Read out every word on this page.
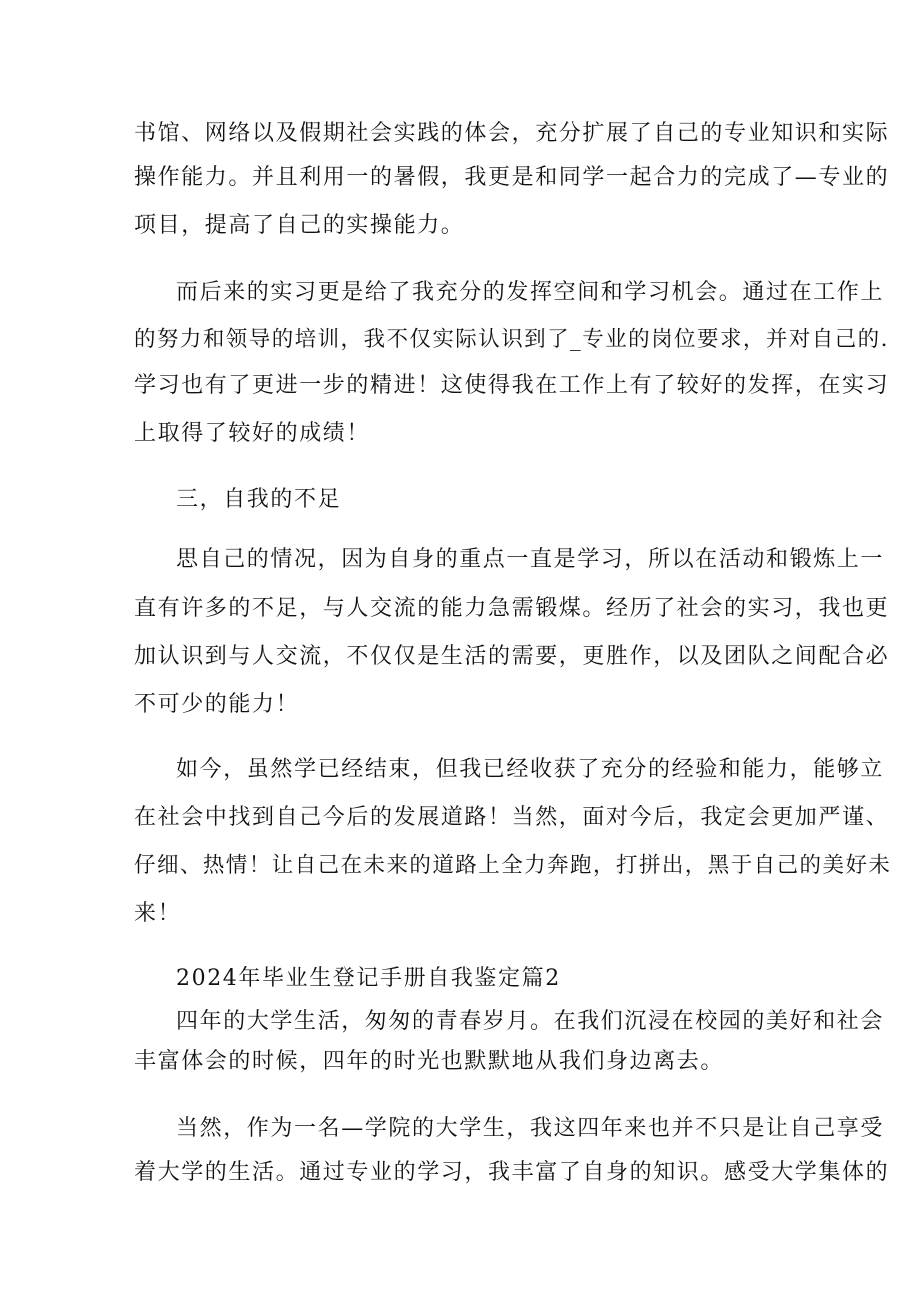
书馆、网络以及假期社会实践的体会，充分扩展了自己的专业知识和实际
操作能力。并且利用一的暑假，我更是和同学一起合力的完成了—专业的
项目，提高了自己的实操能力。
而后来的实习更是给了我充分的发挥空间和学习机会。通过在工作上
的努力和领导的培训，我不仅实际认识到了_专业的岗位要求，并对自己的.
学习也有了更进一步的精进！这使得我在工作上有了较好的发挥，在实习
上取得了较好的成绩！
三，自我的不足
思自己的情况，因为自身的重点一直是学习，所以在活动和锻炼上一
直有许多的不足，与人交流的能力急需锻煤。经历了社会的实习，我也更
加认识到与人交流，不仅仅是生活的需要，更胜作，以及团队之间配合必
不可少的能力！
如今，虽然学已经结束，但我已经收获了充分的经验和能力，能够立
在社会中找到自己今后的发展道路！当然，面对今后，我定会更加严谨、
仔细、热情！让自己在未来的道路上全力奔跑，打拼出，黑于自己的美好未
来！
2024年毕业生登记手册自我鉴定篇2
四年的大学生活，匆匆的青春岁月。在我们沉浸在校园的美好和社会
丰富体会的时候，四年的时光也默默地从我们身边离去。
当然，作为一名—学院的大学生，我这四年来也并不只是让自己享受
着大学的生活。通过专业的学习，我丰富了自身的知识。感受大学集体的
